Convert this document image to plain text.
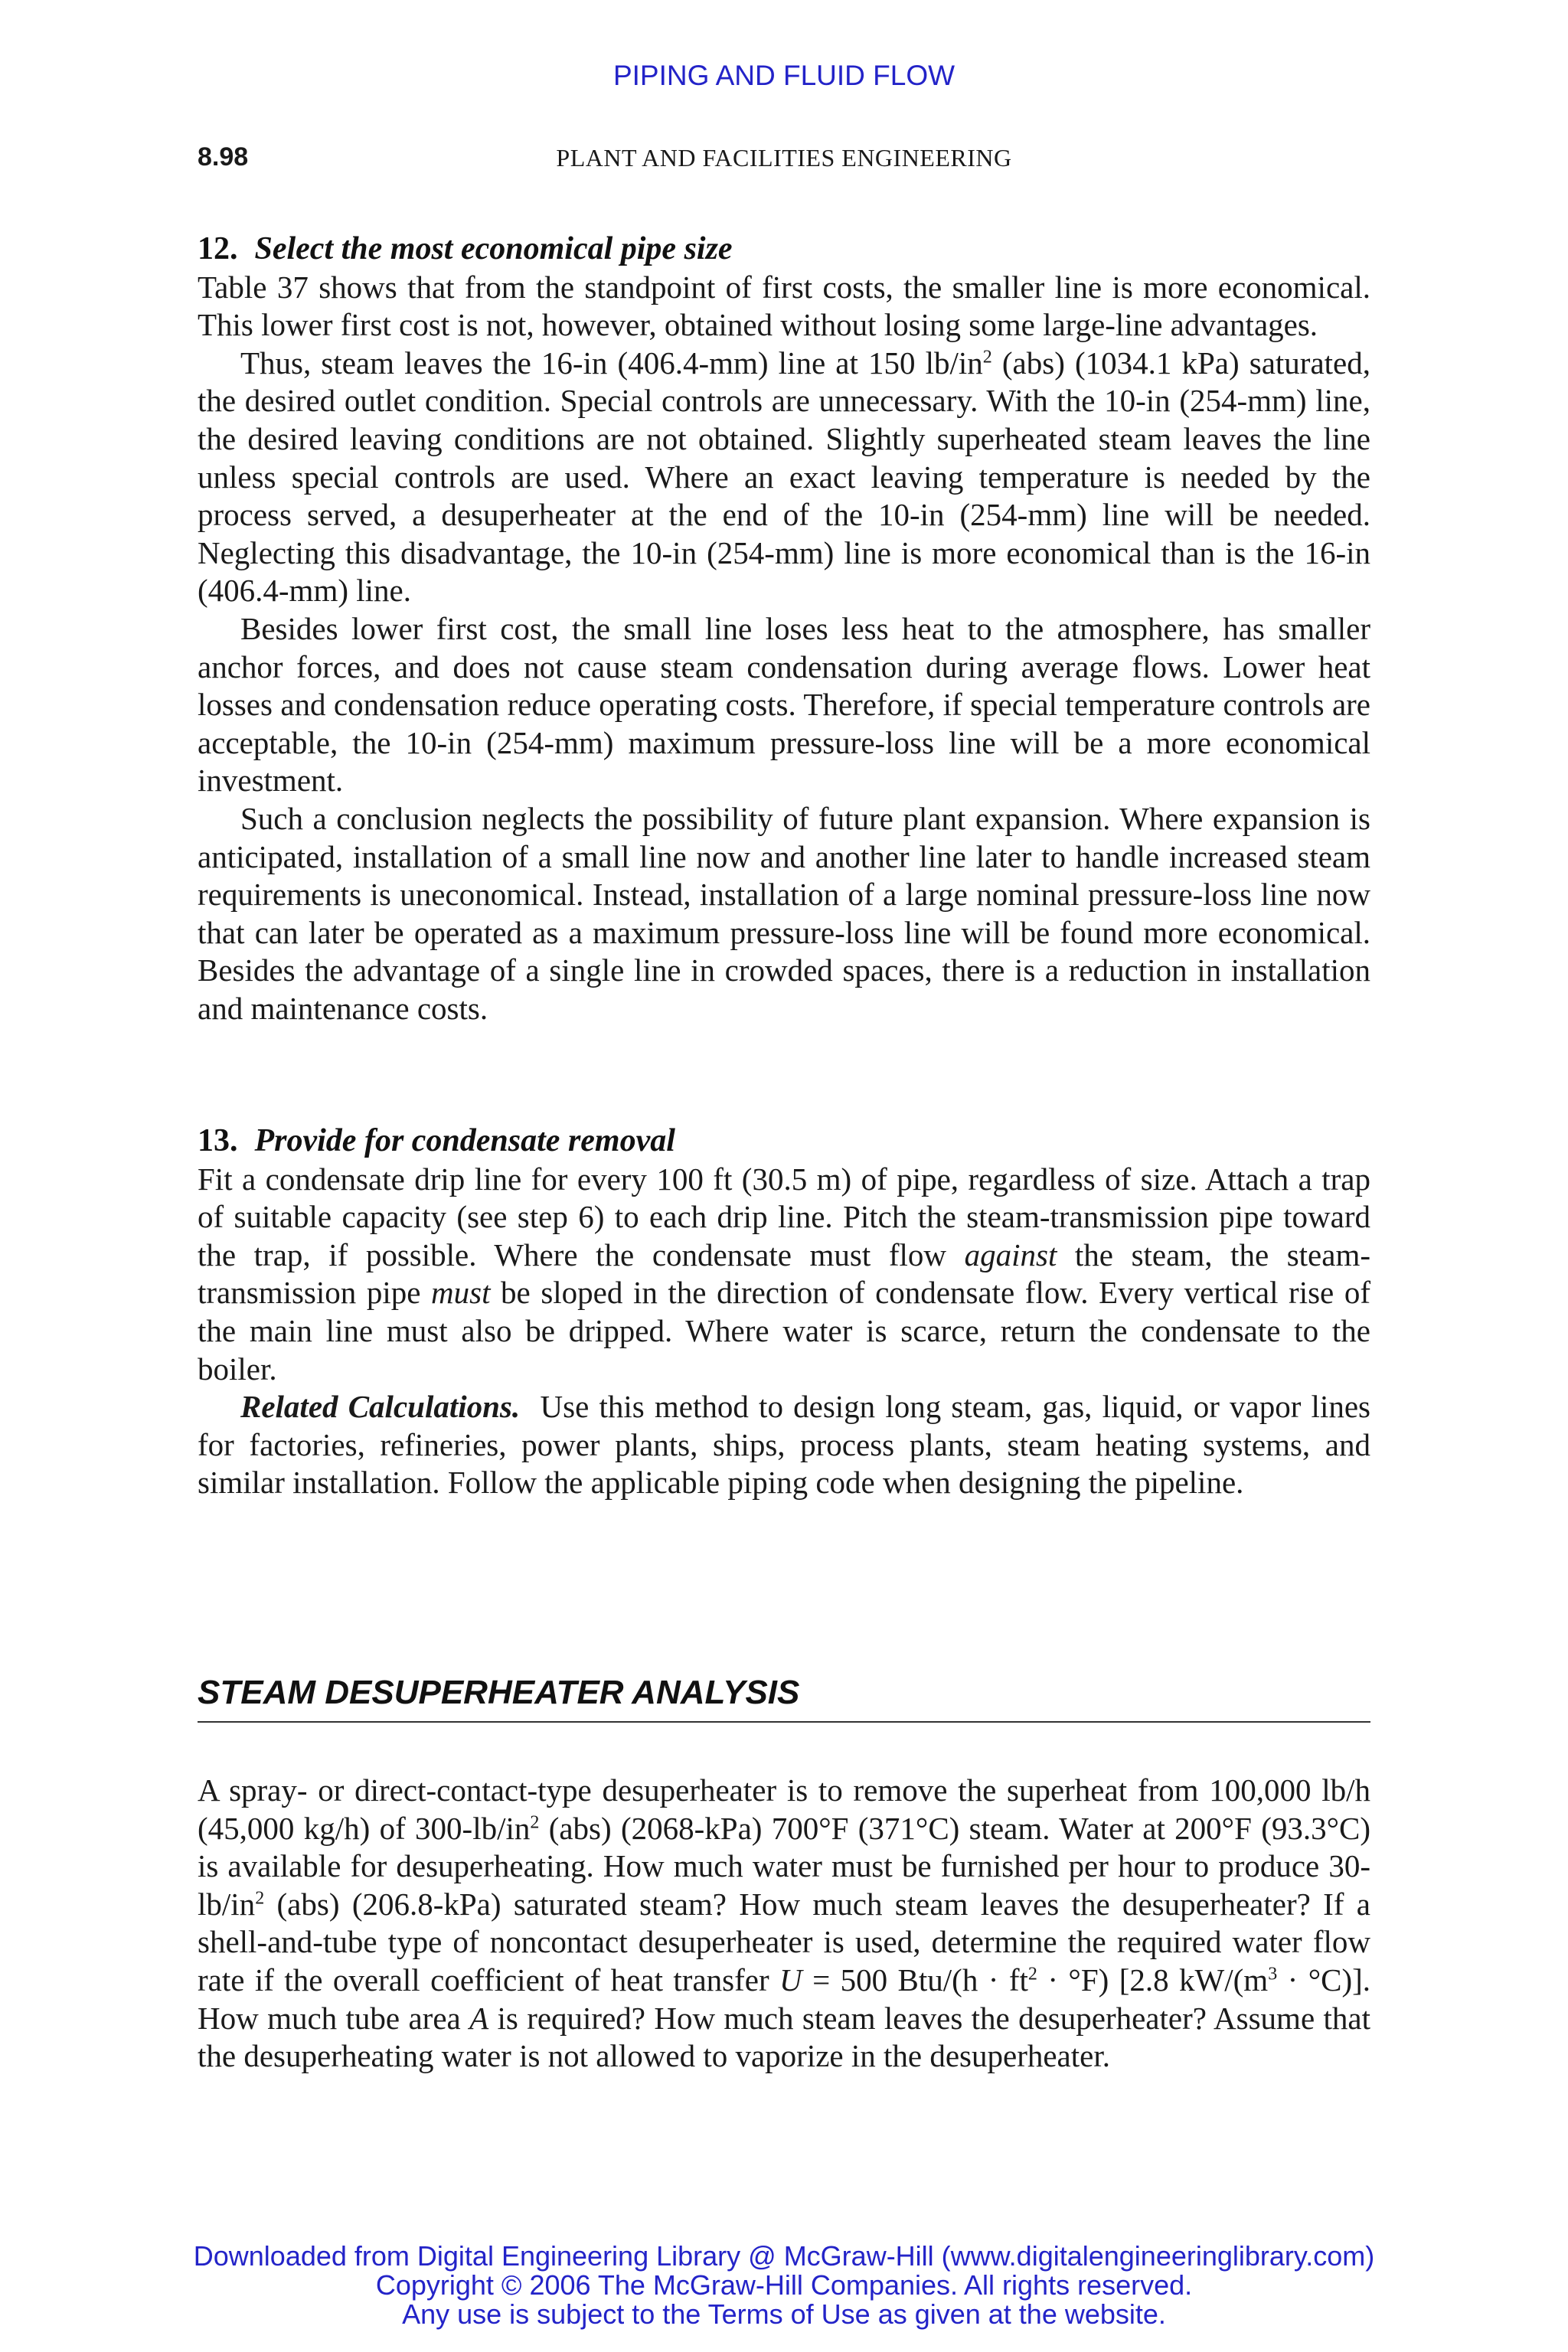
PIPING AND FLUID FLOW
8.98	PLANT AND FACILITIES ENGINEERING
12. Select the most economical pipe size

Table 37 shows that from the standpoint of first costs, the smaller line is more economical. This lower first cost is not, however, obtained without losing some large-line advantages.

Thus, steam leaves the 16-in (406.4-mm) line at 150 $lb/in^2$ (abs) (1034.1 kPa) saturated, the desired outlet condition. Special controls are unnecessary. With the 10-in (254-mm) line, the desired leaving conditions are not obtained. Slightly superheated steam leaves the line unless special controls are used. Where an exact leaving temperature is needed by the process served, a desuperheater at the end of the 10-in (254-mm) line will be needed. Neglecting this disadvantage, the 10-in (254-mm) line is more economical than is the 16-in (406.4-mm) line.

Besides lower first cost, the small line loses less heat to the atmosphere, has smaller anchor forces, and does not cause steam condensation during average flows. Lower heat losses and condensation reduce operating costs. Therefore, if special temperature controls are acceptable, the 10-in (254-mm) maximum pressure-loss line will be a more economical investment.

Such a conclusion neglects the possibility of future plant expansion. Where expansion is anticipated, installation of a small line now and another line later to handle increased steam requirements is uneconomical. Instead, installation of a large nominal pressure-loss line now that can later be operated as a maximum pressure-loss line will be found more economical. Besides the advantage of a single line in crowded spaces, there is a reduction in installation and maintenance costs.

13. Provide for condensate removal

Fit a condensate drip line for every 100 ft (30.5 m) of pipe, regardless of size. Attach a trap of suitable capacity (see step 6) to each drip line. Pitch the steam-transmission pipe toward the trap, if possible. Where the condensate must flow against the steam, the steam-transmission pipe must be sloped in the direction of condensate flow. Every vertical rise of the main line must also be dripped. Where water is scarce, return the condensate to the boiler.

Related Calculations. Use this method to design long steam, gas, liquid, or vapor lines for factories, refineries, power plants, ships, process plants, steam heating systems, and similar installation. Follow the applicable piping code when designing the pipeline.

STEAM DESUPERHEATER ANALYSIS

A spray- or direct-contact-type desuperheater is to remove the superheat from 100,000 lb/h (45,000 kg/h) of $300-lb/in^2$ (abs) (2068-kPa) 700°F (371°C) steam. Water at 200°F (93.3°C) is available for desuperheating. How much water must be furnished per hour to produce $30-lb/in^2$ (abs) (206.8-kPa) saturated steam? How much steam leaves the desuperheater? If a shell-and-tube type of noncontact desuperheater is used, determine the required water flow rate if the overall coefficient of heat transfer U = 500 $Btu/(h \cdot ft^2 \cdot ^\circ F)$ [2.8 $kW/(m^3 \cdot ^\circ C)$]. How much tube area A is required? How much steam leaves the desuperheater? Assume that the desuperheating water is not allowed to vaporize in the desuperheater.

Downloaded from Digital Engineering Library @ McGraw-Hill (www.digitalengineeringlibrary.com)
Copyright © 2006 The McGraw-Hill Companies. All rights reserved.
Any use is subject to the Terms of Use as given at the website.
